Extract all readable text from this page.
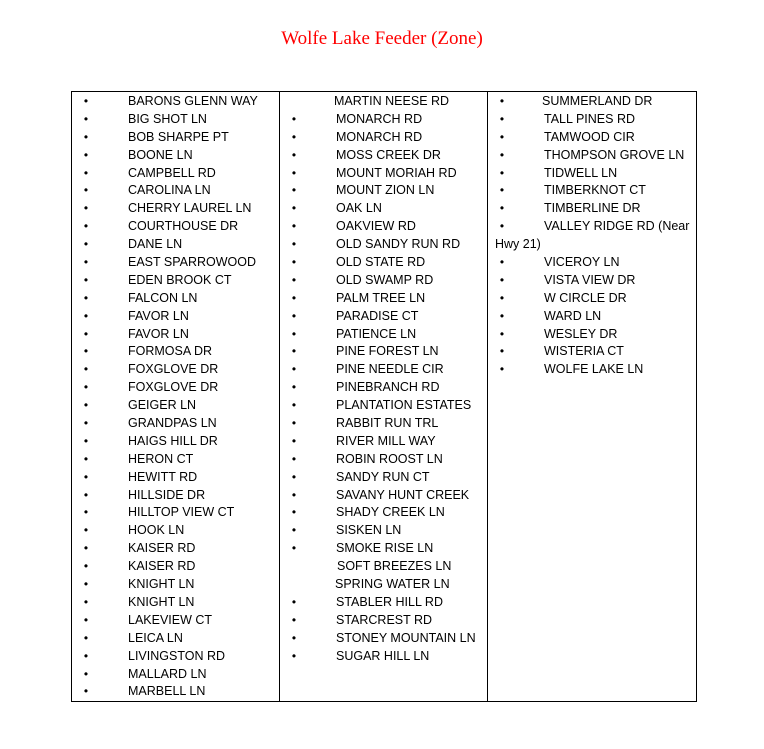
Wolfe Lake Feeder (Zone)
•	BARONS GLENN WAY
•	BIG SHOT LN
•	BOB SHARPE PT
•	BOONE LN
•	CAMPBELL RD
•	CAROLINA LN
•	CHERRY LAUREL LN
•	COURTHOUSE DR
•	DANE LN
•	EAST SPARROWOOD
•	EDEN BROOK CT
•	FALCON LN
•	FAVOR LN
•	FAVOR LN
•	FORMOSA DR
•	FOXGLOVE DR
•	FOXGLOVE DR
•	GEIGER LN
•	GRANDPAS LN
•	HAIGS HILL DR
•	HERON CT
•	HEWITT RD
•	HILLSIDE DR
•	HILLTOP VIEW CT
•	HOOK LN
•	KAISER RD
•	KAISER RD
•	KNIGHT LN
•	KNIGHT LN
•	LAKEVIEW CT
•	LEICA LN
•	LIVINGSTON RD
•	MALLARD LN
•	MARBELL LN

MARTIN NEESE RD
•	MONARCH RD
•	MONARCH RD
•	MOSS CREEK DR
•	MOUNT MORIAH RD
•	MOUNT ZION LN
•	OAK LN
•	OAKVIEW RD
•	OLD SANDY RUN RD
•	OLD STATE RD
•	OLD SWAMP RD
•	PALM TREE LN
•	PARADISE CT
•	PATIENCE LN
•	PINE FOREST LN
•	PINE NEEDLE CIR
•	PINEBRANCH RD
•	PLANTATION ESTATES
•	RABBIT RUN TRL
•	RIVER MILL WAY
•	ROBIN ROOST LN
•	SANDY RUN CT
•	SAVANY HUNT CREEK
•	SHADY CREEK LN
•	SISKEN LN
•	SMOKE RISE LN
SOFT BREEZES LN
SPRING WATER LN
•	STABLER HILL RD
•	STARCREST RD
•	STONEY MOUNTAIN LN
•	SUGAR HILL LN

•	SUMMERLAND DR
•	TALL PINES RD
•	TAMWOOD CIR
•	THOMPSON GROVE LN
•	TIDWELL LN
•	TIMBERKNOT CT
•	TIMBERLINE DR
•	VALLEY RIDGE RD (Near
Hwy 21)
•	VICEROY LN
•	VISTA VIEW DR
•	W CIRCLE DR
•	WARD LN
•	WESLEY DR
•	WISTERIA CT
•	WOLFE LAKE LN
